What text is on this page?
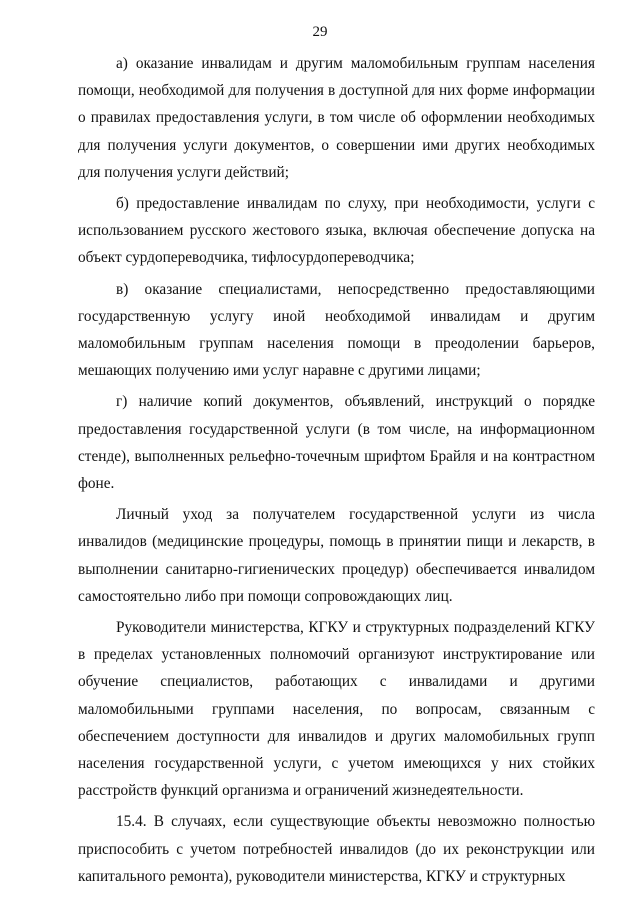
29

а) оказание инвалидам и другим маломобильным группам населения помощи, необходимой для получения в доступной для них форме информации о правилах предоставления услуги, в том числе об оформлении необходимых для получения услуги документов, о совершении ими других необходимых для получения услуги действий;

б) предоставление инвалидам по слуху, при необходимости, услуги с использованием русского жестового языка, включая обеспечение допуска на объект сурдопереводчика, тифлосурдопереводчика;

в) оказание специалистами, непосредственно предоставляющими государственную услугу иной необходимой инвалидам и другим маломобильным группам населения помощи в преодолении барьеров, мешающих получению ими услуг наравне с другими лицами;

г) наличие копий документов, объявлений, инструкций о порядке предоставления государственной услуги (в том числе, на информационном стенде), выполненных рельефно-точечным шрифтом Брайля и на контрастном фоне.

Личный уход за получателем государственной услуги из числа инвалидов (медицинские процедуры, помощь в принятии пищи и лекарств, в выполнении санитарно-гигиенических процедур) обеспечивается инвалидом самостоятельно либо при помощи сопровождающих лиц.

Руководители министерства, КГКУ и структурных подразделений КГКУ в пределах установленных полномочий организуют инструктирование или обучение специалистов, работающих с инвалидами и другими маломобильными группами населения, по вопросам, связанным с обеспечением доступности для инвалидов и других маломобильных групп населения государственной услуги, с учетом имеющихся у них стойких расстройств функций организма и ограничений жизнедеятельности.

15.4. В случаях, если существующие объекты невозможно полностью приспособить с учетом потребностей инвалидов (до их реконструкции или капитального ремонта), руководители министерства, КГКУ и структурных
